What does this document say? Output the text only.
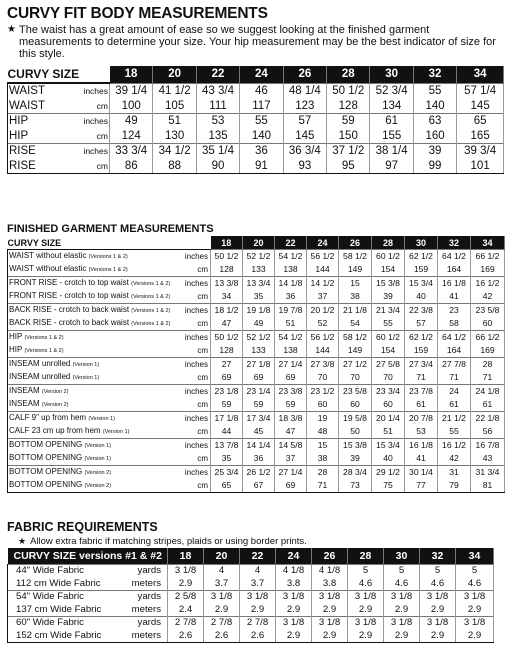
CURVY FIT BODY MEASUREMENTS
★ The waist has a great amount of ease so we suggest looking at the finished garment measurements to determine your size. Your hip measurement may be the best indicator of size for this style.
CURVY SIZE		18	20	22	24	26	28	30	32	34
WAIST	inches	39 1/4	41 1/2	43 3/4	46	48 1/4	50 1/2	52 3/4	55	57 1/4
WAIST	cm	100	105	111	117	123	128	134	140	145
HIP	inches	49	51	53	55	57	59	61	63	65
HIP	cm	124	130	135	140	145	150	155	160	165
RISE	inches	33 3/4	34 1/2	35 1/4	36	36 3/4	37 1/2	38 1/4	39	39 3/4
RISE	cm	86	88	90	91	93	95	97	99	101
FINISHED GARMENT MEASUREMENTS
CURVY SIZE		18	20	22	24	26	28	30	32	34
WAIST without elastic (Versions 1 & 2)	inches	50 1/2	52 1/2	54 1/2	56 1/2	58 1/2	60 1/2	62 1/2	64 1/2	66 1/2
WAIST without elastic (Versions 1 & 2)	cm	128	133	138	144	149	154	159	164	169
FRONT RISE - crotch to top waist (Versions 1 & 2)	inches	13 3/8	13 3/4	14 1/8	14 1/2	15	15 3/8	15 3/4	16 1/8	16 1/2
FRONT RISE - crotch to top waist (Versions 1 & 2)	cm	34	35	36	37	38	39	40	41	42
BACK RISE - crotch to back waist (Versions 1 & 2)	inches	18 1/2	19 1/8	19 7/8	20 1/2	21 1/8	21 3/4	22 3/8	23	23 5/8
BACK RISE - crotch to back waist (Versions 1 & 2)	cm	47	49	51	52	54	55	57	58	60
HIP (Versions 1 & 2)	inches	50 1/2	52 1/2	54 1/2	56 1/2	58 1/2	60 1/2	62 1/2	64 1/2	66 1/2
HIP (Versions 1 & 2)	cm	128	133	138	144	149	154	159	164	169
INSEAM unrolled (Version 1)	inches	27	27 1/8	27 1/4	27 3/8	27 1/2	27 5/8	27 3/4	27 7/8	28
INSEAM unrolled (Version 1)	cm	69	69	69	70	70	70	71	71	71
INSEAM (Version 2)	inches	23 1/8	23 1/4	23 3/8	23 1/2	23 5/8	23 3/4	23 7/8	24	24 1/8
INSEAM (Version 2)	cm	59	59	59	60	60	60	61	61	61
CALF 9" up from hem (Version 1)	inches	17 1/8	17 3/4	18 3/8	19	19 5/8	20 1/4	20 7/8	21 1/2	22 1/8
CALF 23 cm up from hem (Version 1)	cm	44	45	47	48	50	51	53	55	56
BOTTOM OPENING (Version 1)	inches	13 7/8	14 1/4	14 5/8	15	15 3/8	15 3/4	16 1/8	16 1/2	16 7/8
BOTTOM OPENING (Version 1)	cm	35	36	37	38	39	40	41	42	43
BOTTOM OPENING (Version 2)	inches	25 3/4	26 1/2	27 1/4	28	28 3/4	29 1/2	30 1/4	31	31 3/4
BOTTOM OPENING (Version 2)	cm	65	67	69	71	73	75	77	79	81
FABRIC REQUIREMENTS
★ Allow extra fabric if matching stripes, plaids or using border prints.
CURVY SIZE versions #1 & #2		18	20	22	24	26	28	30	32	34
44" Wide Fabric	yards	3 1/8	4	4	4 1/8	4 1/8	5	5	5	5
112 cm Wide Fabric	meters	2.9	3.7	3.7	3.8	3.8	4.6	4.6	4.6	4.6
54" Wide Fabric	yards	2 5/8	3 1/8	3 1/8	3 1/8	3 1/8	3 1/8	3 1/8	3 1/8	3 1/8
137 cm Wide Fabric	meters	2.4	2.9	2.9	2.9	2.9	2.9	2.9	2.9	2.9
60" Wide Fabric	yards	2 7/8	2 7/8	2 7/8	3 1/8	3 1/8	3 1/8	3 1/8	3 1/8	3 1/8
152 cm Wide Fabric	meters	2.6	2.6	2.6	2.9	2.9	2.9	2.9	2.9	2.9
